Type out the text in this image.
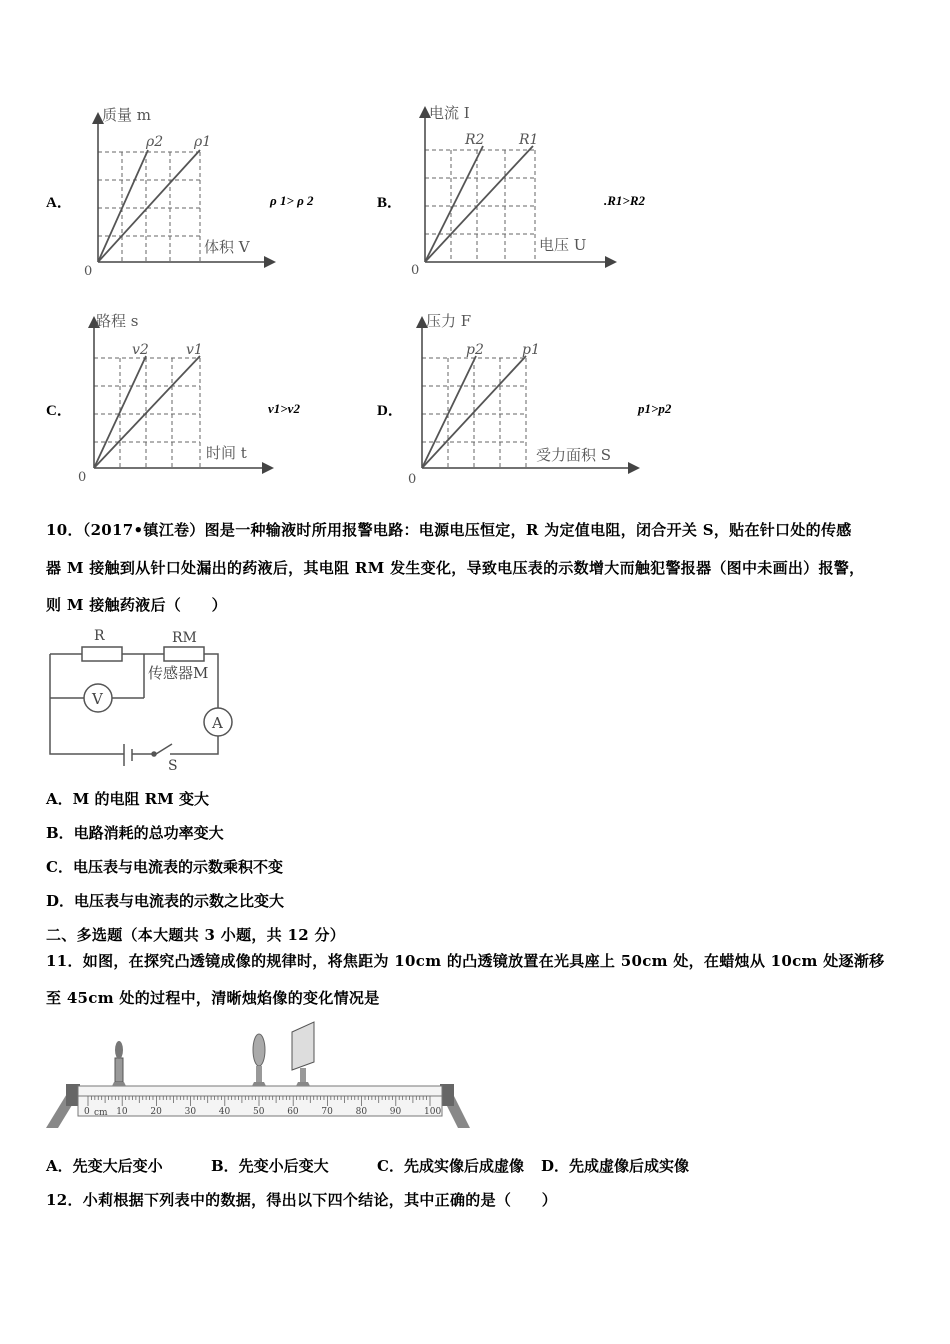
A．	ρ 1> ρ 2	B．	.R1>R2
C．	v1>v2	D．	p1>p2
质量 m
体积 V
ρ2 ρ1
0
电流 I
电压 U
R2 R1
0
路程 s
时间 t
v2	v1
0
压力 F
受力面积 S
p2	p1
0
10．（2017•镇江卷）图是一种输液时所用报警电路：电源电压恒定，R 为定值电阻，闭合开关 S，贴在针口处的传感
器 M 接触到从针口处漏出的药液后，其电阻 RM 发生变化，导致电压表的示数增大而触犯警报器（图中未画出）报警，
则 M 接触药液后（　　）
R	RM
传感器M
V
A
S
A．M 的电阻 RM 变大
B．电路消耗的总功率变大
C．电压表与电流表的示数乘积不变
D．电压表与电流表的示数之比变大
二、多选题（本大题共 3 小题，共 12 分）
11．如图，在探究凸透镜成像的规律时，将焦距为 10cm 的凸透镜放置在光具座上 50cm 处，在蜡烛从 10cm 处逐渐移
至 45cm 处的过程中，清晰烛焰像的变化情况是
0	10	20	30	40	50	60	70	80	90	100
cm
A．先变大后变小	B．先变小后变大	C．先成实像后成虚像 D．先成虚像后成实像
12．小莉根据下列表中的数据，得出以下四个结论，其中正确的是（　　）
